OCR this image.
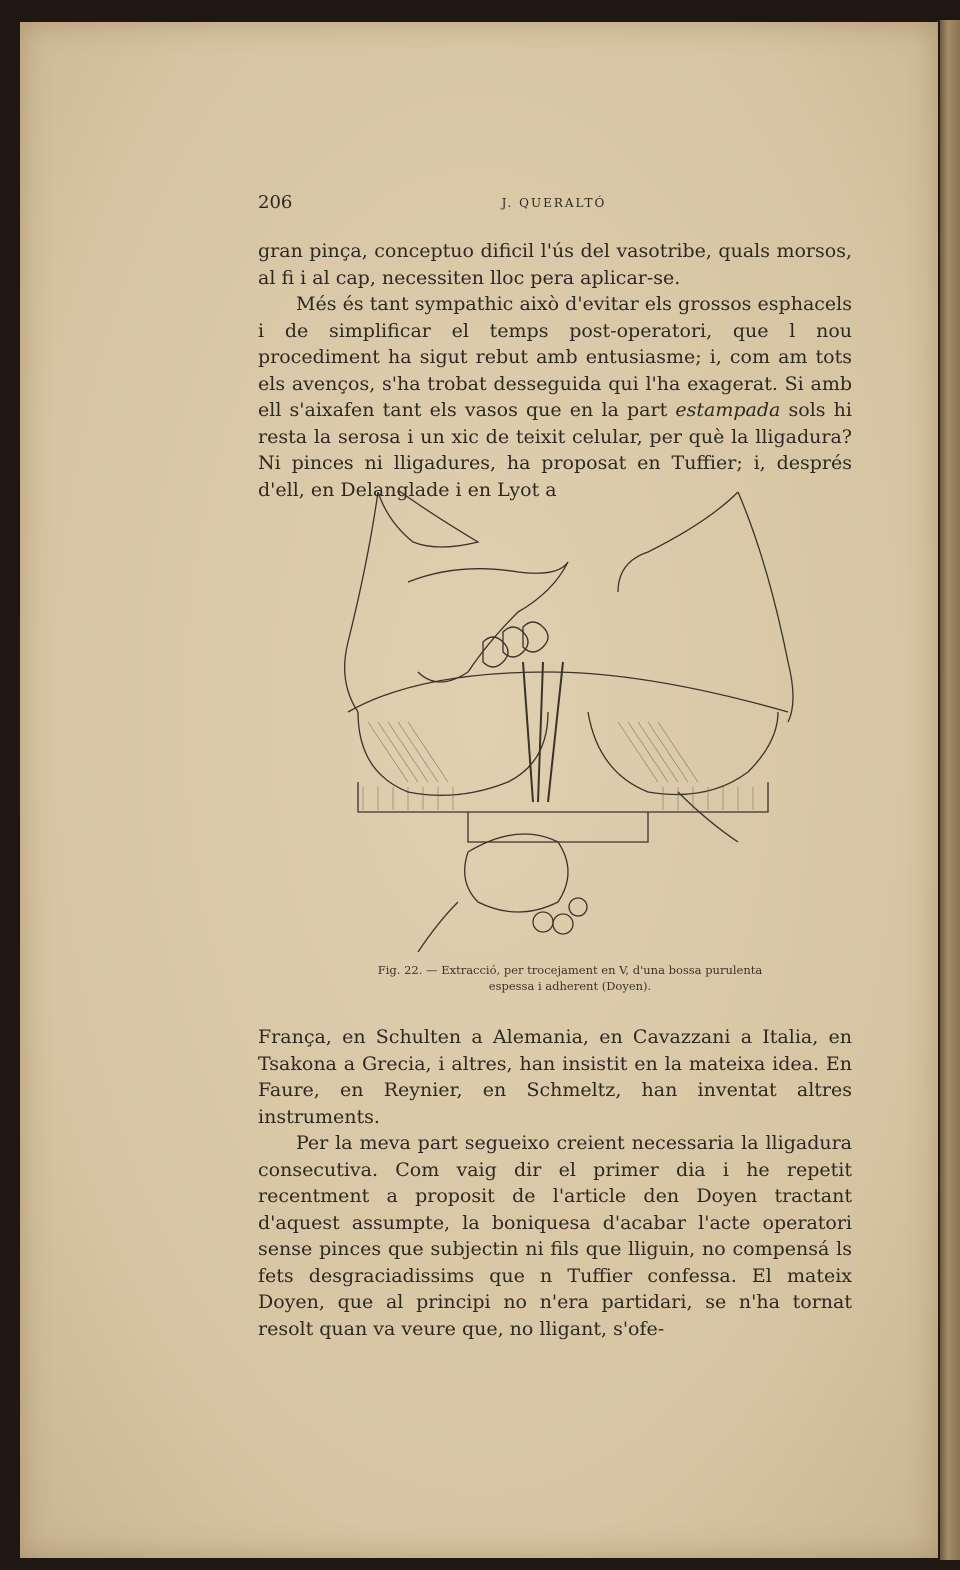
206	J. QUERALTÓ

gran pinça, conceptuo dificil l'ús del vasotribe, quals morsos, al fi i al cap, necessiten lloc pera aplicar-se.

Més és tant sympathic això d'evitar els grossos esphacels i de simplificar el temps post-operatori, que l nou procediment ha sigut rebut amb entusiasme; i, com am tots els avenços, s'ha trobat desseguida qui l'ha exagerat. Si amb ell s'aixafen tant els vasos que en la part estampada sols hi resta la serosa i un xic de teixit celular, per què la lligadura? Ni pinces ni lligadures, ha proposat en Tuffier; i, després d'ell, en Delanglade i en Lyot a

Fig. 22. — Extracció, per trocejament en V, d'una bossa purulenta
espessa i adherent (Doyen).

França, en Schulten a Alemania, en Cavazzani a Italia, en Tsakona a Grecia, i altres, han insistit en la mateixa idea. En Faure, en Reynier, en Schmeltz, han inventat altres instruments.

Per la meva part segueixo creient necessaria la lligadura consecutiva. Com vaig dir el primer dia i he repetit recentment a proposit de l'article den Doyen tractant d'aquest assumpte, la boniquesa d'acabar l'acte operatori sense pinces que subjectin ni fils que lliguin, no compensá ls fets desgraciadissims que n Tuffier confessa. El mateix Doyen, que al principi no n'era partidari, se n'ha tornat resolt quan va veure que, no lligant, s'ofe-
